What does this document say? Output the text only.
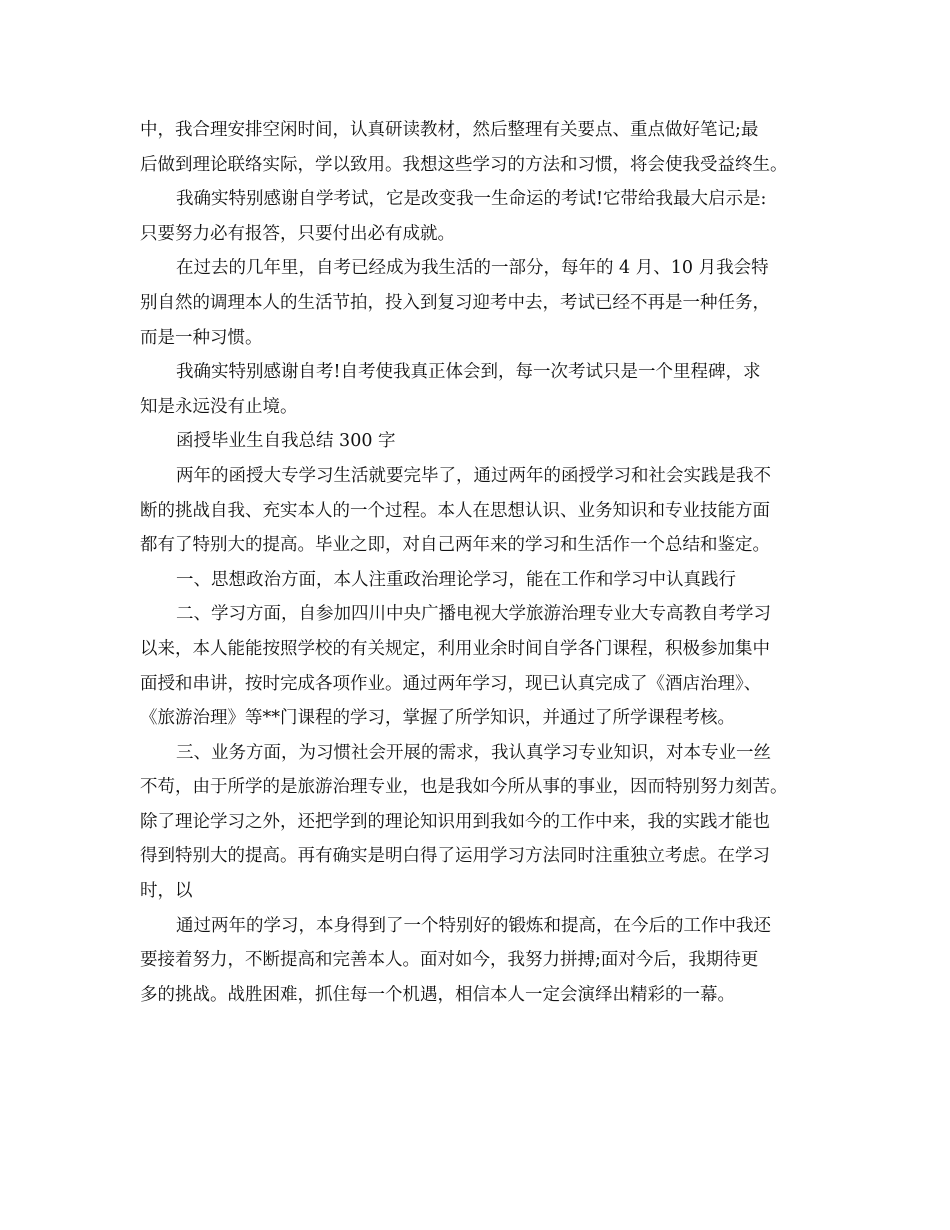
中，我合理安排空闲时间，认真研读教材，然后整理有关要点、重点做好笔记;最
后做到理论联络实际，学以致用。我想这些学习的方法和习惯，将会使我受益终生。
我确实特别感谢自学考试，它是改变我一生命运的考试!它带给我最大启示是:
只要努力必有报答，只要付出必有成就。
在过去的几年里，自考已经成为我生活的一部分，每年的 4 月、10 月我会特
别自然的调理本人的生活节拍，投入到复习迎考中去，考试已经不再是一种任务，
而是一种习惯。
我确实特别感谢自考!自考使我真正体会到，每一次考试只是一个里程碑，求
知是永远没有止境。
函授毕业生自我总结 300 字
两年的函授大专学习生活就要完毕了，通过两年的函授学习和社会实践是我不
断的挑战自我、充实本人的一个过程。本人在思想认识、业务知识和专业技能方面
都有了特别大的提高。毕业之即，对自己两年来的学习和生活作一个总结和鉴定。
一、思想政治方面，本人注重政治理论学习，能在工作和学习中认真践行
二、学习方面，自参加四川中央广播电视大学旅游治理专业大专高教自考学习
以来，本人能能按照学校的有关规定，利用业余时间自学各门课程，积极参加集中
面授和串讲，按时完成各项作业。通过两年学习，现已认真完成了《酒店治理》、
《旅游治理》等**门课程的学习，掌握了所学知识，并通过了所学课程考核。
三、业务方面，为习惯社会开展的需求，我认真学习专业知识，对本专业一丝
不苟，由于所学的是旅游治理专业，也是我如今所从事的事业，因而特别努力刻苦。
除了理论学习之外，还把学到的理论知识用到我如今的工作中来，我的实践才能也
得到特别大的提高。再有确实是明白得了运用学习方法同时注重独立考虑。在学习
时，以
通过两年的学习，本身得到了一个特别好的锻炼和提高，在今后的工作中我还
要接着努力，不断提高和完善本人。面对如今，我努力拼搏;面对今后，我期待更
多的挑战。战胜困难，抓住每一个机遇，相信本人一定会演绎出精彩的一幕。
